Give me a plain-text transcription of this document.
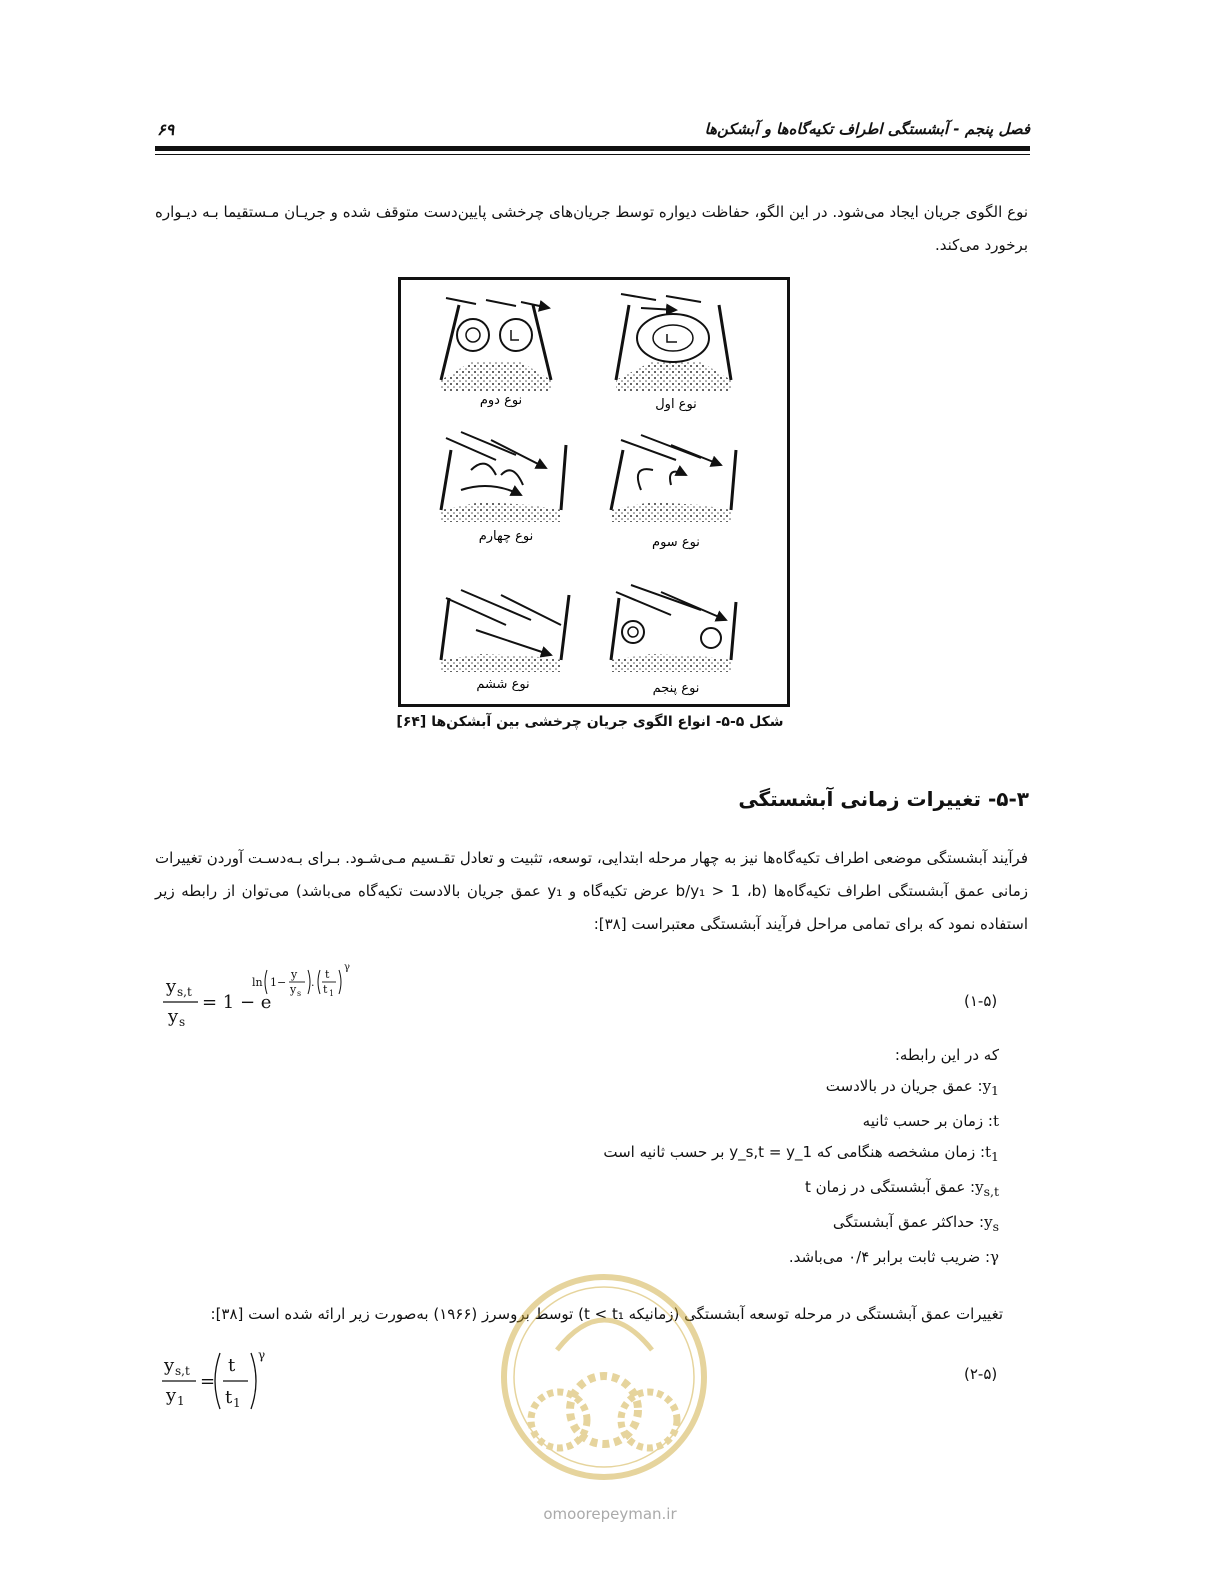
فصل پنجم - آبشستگی اطراف تکیه‌گاه‌ها و آبشکن‌ها
۶۹
نوع الگوی جریان ایجاد می‌شود. در این الگو، حفاظت دیواره توسط جریان‌های چرخشی پایین‌دست متوقف شده و جریـان مـستقیما بـه دیـواره برخورد می‌کند.
نوع دوم	نوع اول
نوع چهارم	نوع سوم
نوع ششم	نوع پنجم
شکل ۵-۵- انواع الگوی جریان چرخشی بین آبشکن‌ها [۶۴]
۵-۳- تغییرات زمانی آبشستگی
فرآیند آبشستگی موضعی اطراف تکیه‌گاه‌ها نیز به چهار مرحله ابتدایی، توسعه، تثبیت و تعادل تقـسیم مـی‌شـود. بـرای بـه‌دسـت آوردن تغییرات زمانی عمق آبشستگی اطراف تکیه‌گاه‌ها (b/y₁ > 1 ،b عرض تکیه‌گاه و y₁ عمق جریان بالادست تکیه‌گاه می‌باشد) می‌توان از رابطه زیر استفاده نمود که برای تمامی مراحل فرآیند آبشستگی معتبراست [۳۸]:
y s,t
y s
= 1 − e
ln 1−
y
y s
.
t
t 1
γ
(۱-۵)
که در این رابطه:
$y_1$: عمق جریان در بالادست
t: زمان بر حسب ثانیه
$t_1$: زمان مشخصه هنگامی که y_s,t = y_1 بر حسب ثانیه است
$y_{s,t}$: عمق آبشستگی در زمان t
$y_s$: حداکثر عمق آبشستگی
γ: ضریب ثابت برابر ۰/۴ می‌باشد.
تغییرات عمق آبشستگی در مرحله توسعه آبشستگی (زمانیکه t < t₁) توسط بروسرز (۱۹۶۶) به‌صورت زیر ارائه شده است [۳۸]:
y s,t
y 1
=
t
t 1
γ
(۲-۵)
omoorepeyman.ir
